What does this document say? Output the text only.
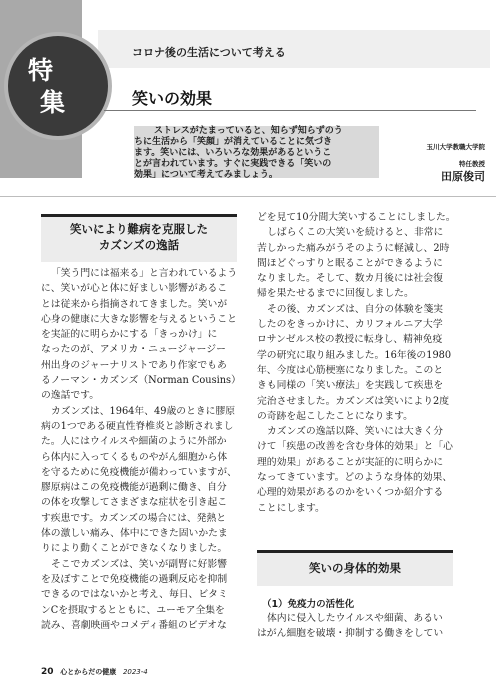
特
集
コロナ後の生活について考える
笑いの効果

ストレスがたまっていると、知らず知らずのう

ちに生活から「笑顔」が消えていることに気づき

ます。笑いには、いろいろな効果があるというこ

とが言われています。すぐに実践できる「笑いの

効果」について考えてみましょう。

玉川大学教職大学院
特任教授
田原俊司
笑いにより難病を克服した
カズンズの逸話

「笑う門には福来る」と言われているよう
に、笑いが心と体に好ましい影響があるこ
とは従来から指摘されてきました。笑いが
心身の健康に大きな影響を与えるということ
を実証的に明らかにする「きっかけ」に
なったのが、アメリカ・ニュージャージー
州出身のジャーナリストであり作家でもあ
るノーマン・カズンズ（Norman Cousins）
の逸話です。

カズンズは、1964年、49歳のときに膠原
病の1つである硬直性脊椎炎と診断されまし
た。人にはウイルスや細菌のように外部か
ら体内に入ってくるものやがん細胞から体
を守るために免疫機能が備わっていますが、
膠原病はこの免疫機能が過剰に働き、自分
の体を攻撃してさまざまな症状を引き起こ
す疾患です。カズンズの場合には、発熱と
体の激しい痛み、体中にできた固いかたま
りにより動くことができなくなりました。

そこでカズンズは、笑いが副腎に好影響
を及ぼすことで免疫機能の過剰反応を抑制
できるのではないかと考え、毎日、ビタミ
ンCを摂取するとともに、ユーモア全集を
読み、喜劇映画やコメディ番組のビデオな

どを見て10分間大笑いすることにしました。

しばらくこの大笑いを続けると、非常に
苦しかった痛みがうそのように軽減し、2時
間ほどぐっすりと眠ることができるように
なりました。そして、数カ月後には社会復
帰を果たせるまでに回復しました。

その後、カズンズは、自分の体験を箋実
したのをきっかけに、カリフォルニア大学
ロサンゼルス校の教授に転身し、精神免疫
学の研究に取り組みました。16年後の1980
年、今度は心筋梗塞になりました。このと
きも同様の「笑い療法」を実践して疾患を
完治させました。カズンズは笑いにより2度
の奇跡を起こしたことになります。

カズンズの逸話以降、笑いには大きく分
けて「疾患の改善を含む身体的効果」と「心
理的効果」があることが実証的に明らかに
なってきています。どのような身体的効果、
心理的効果があるのかをいくつか紹介する
ことにします。

笑いの身体的効果
（1）免疫力の活性化

体内に侵入したウイルスや細菌、あるい
はがん細胞を破壊・抑制する働きをしてい

20 心とからだの健康 2023-4
